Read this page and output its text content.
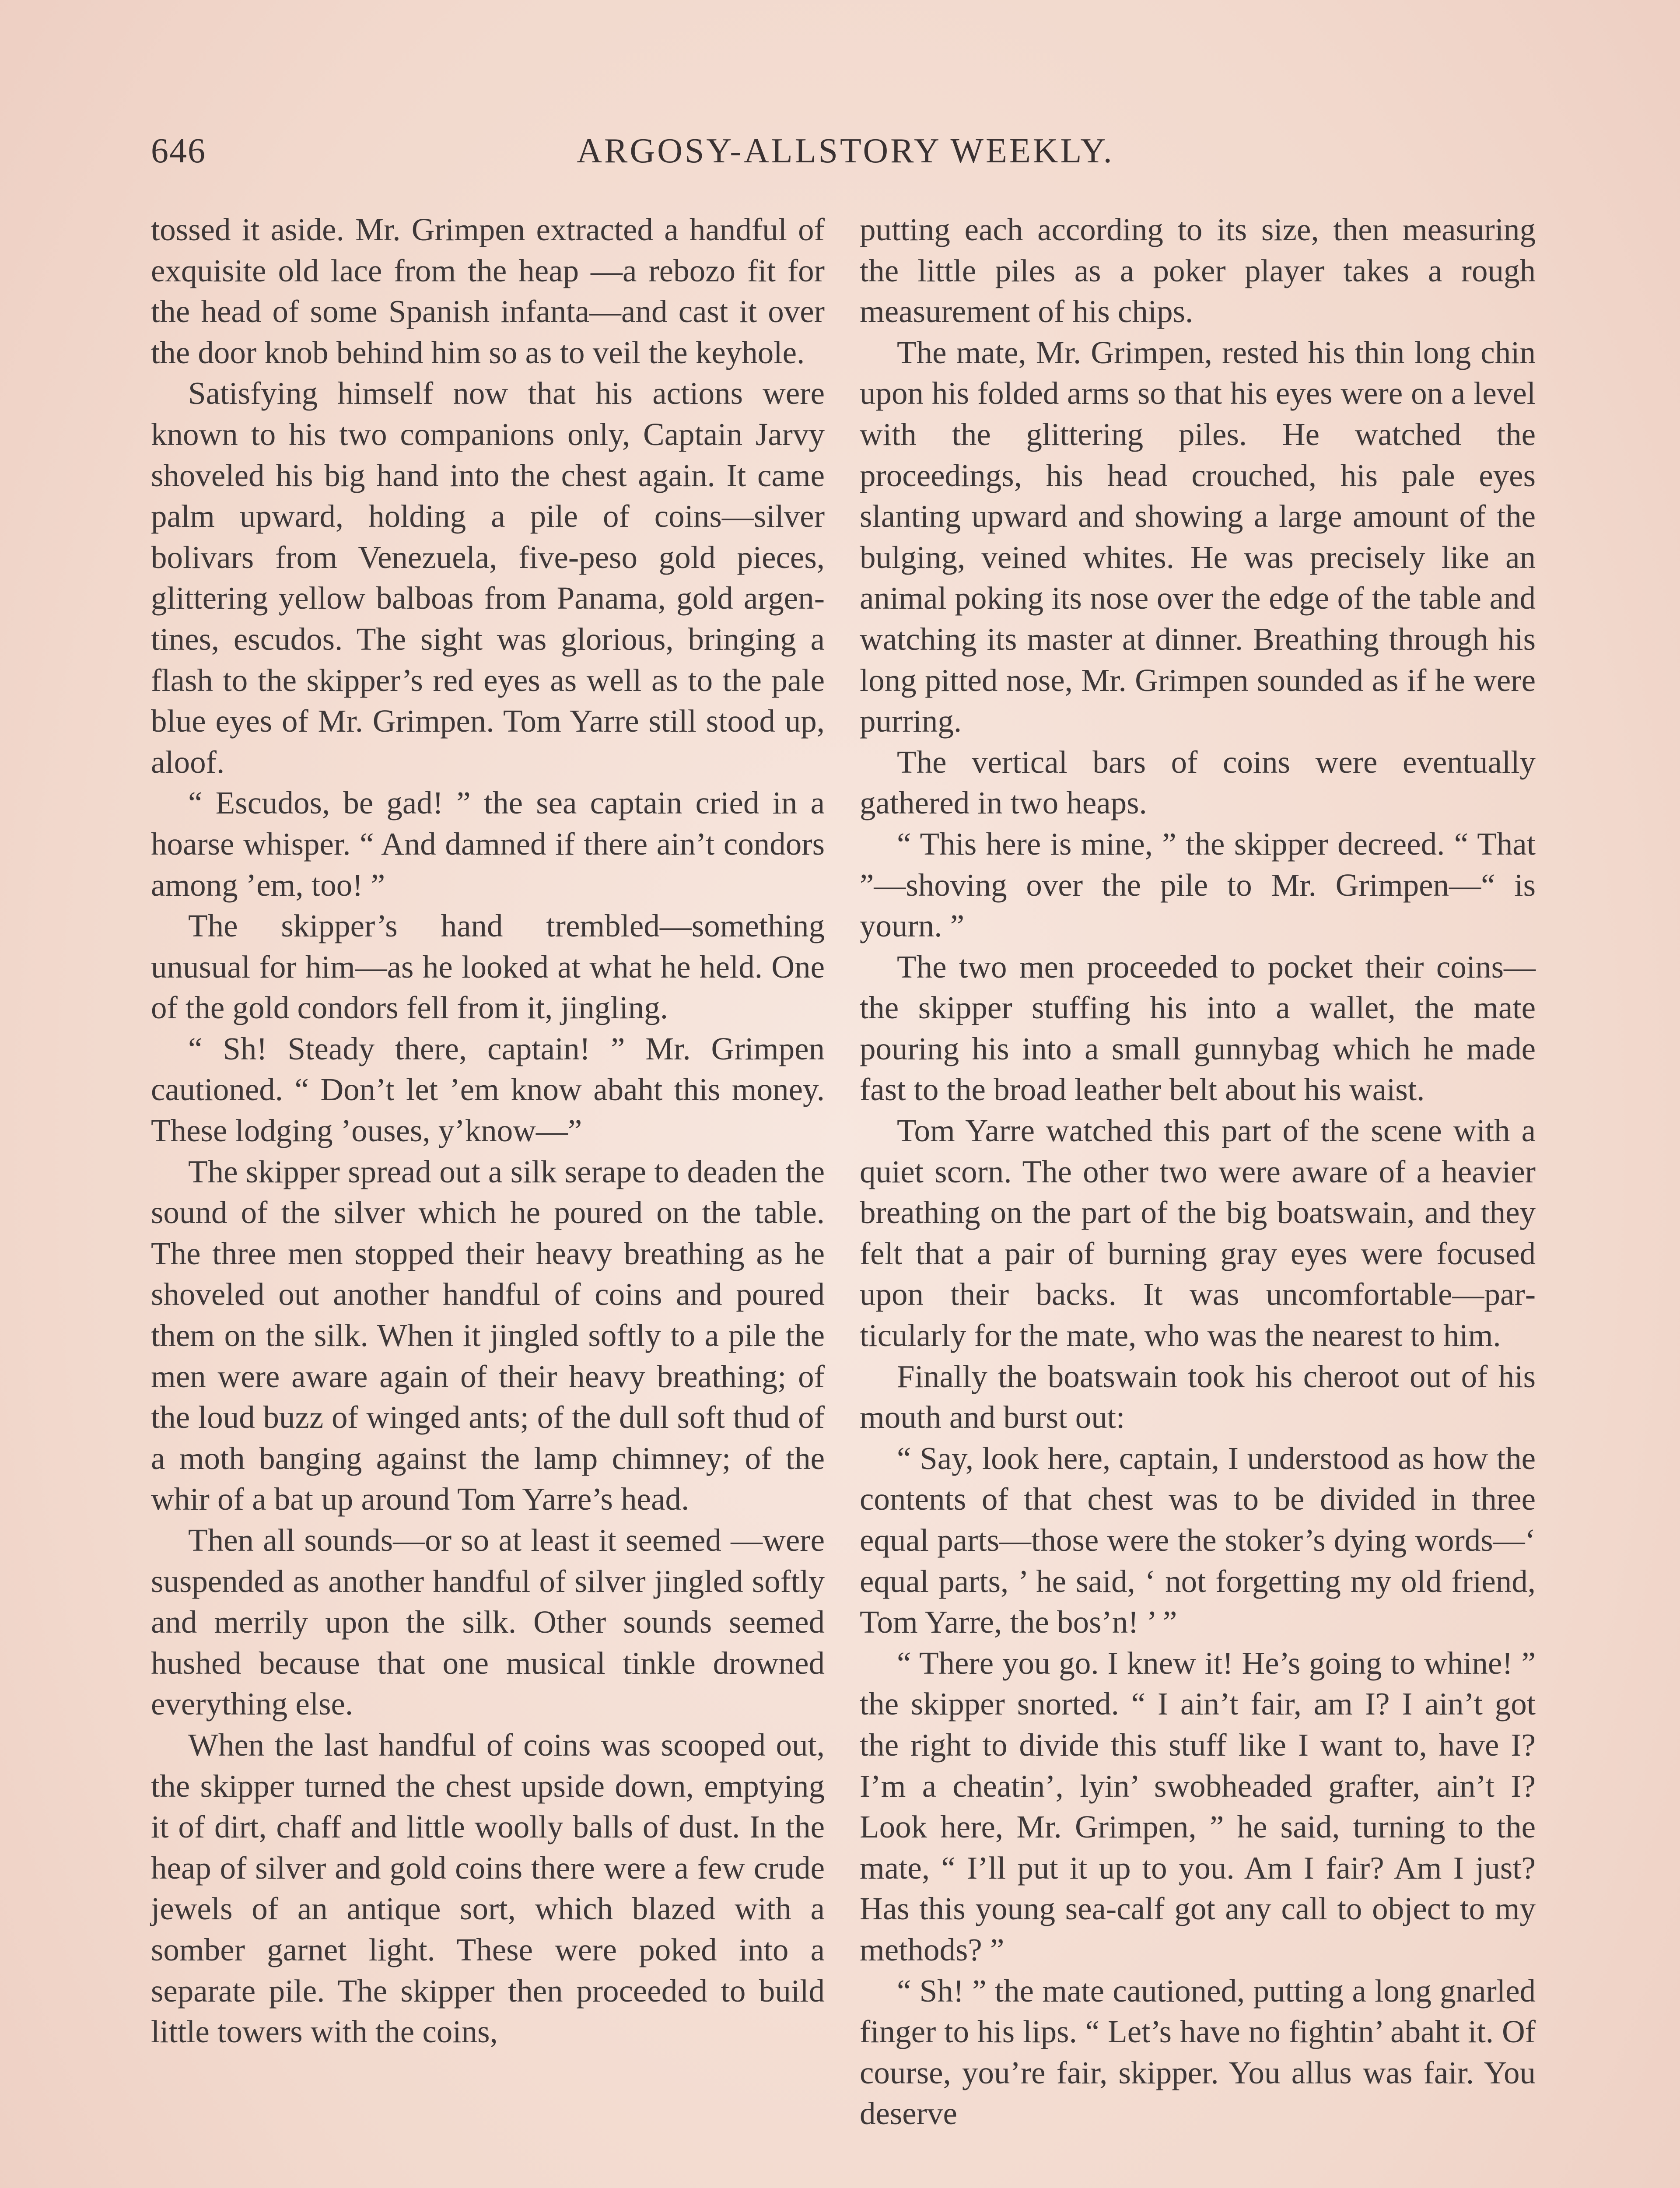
646	ARGOSY-ALLSTORY WEEKLY.

tossed it aside. Mr. Grimpen extracted a handful of exquisite old lace from the heap —a rebozo fit for the head of some Spanish infanta—and cast it over the door knob behind him so as to veil the keyhole.

Satisfying himself now that his actions were known to his two companions only, Captain Jarvy shoveled his big hand into the chest again. It came palm upward, holding a pile of coins—silver bolivars from Venezuela, five-peso gold pieces, glittering yellow balboas from Panama, gold argentines, escudos. The sight was glorious, bringing a flash to the skipper’s red eyes as well as to the pale blue eyes of Mr. Grimpen. Tom Yarre still stood up, aloof.

“ Escudos, be gad! ” the sea captain cried in a hoarse whisper. “ And damned if there ain’t condors among ’em, too! ”

The skipper’s hand trembled—something unusual for him—as he looked at what he held. One of the gold condors fell from it, jingling.

“ Sh! Steady there, captain! ” Mr. Grimpen cautioned. “ Don’t let ’em know abaht this money. These lodging ’ouses, y’know—”

The skipper spread out a silk serape to deaden the sound of the silver which he poured on the table. The three men stopped their heavy breathing as he shoveled out another handful of coins and poured them on the silk. When it jingled softly to a pile the men were aware again of their heavy breathing; of the loud buzz of winged ants; of the dull soft thud of a moth banging against the lamp chimney; of the whir of a bat up around Tom Yarre’s head.

Then all sounds—or so at least it seemed —were suspended as another handful of silver jingled softly and merrily upon the silk. Other sounds seemed hushed because that one musical tinkle drowned everything else.

When the last handful of coins was scooped out, the skipper turned the chest upside down, emptying it of dirt, chaff and little woolly balls of dust. In the heap of silver and gold coins there were a few crude jewels of an antique sort, which blazed with a somber garnet light. These were poked into a separate pile. The skipper then proceeded to build little towers with the coins,

putting each according to its size, then measuring the little piles as a poker player takes a rough measurement of his chips.

The mate, Mr. Grimpen, rested his thin long chin upon his folded arms so that his eyes were on a level with the glittering piles. He watched the proceedings, his head crouched, his pale eyes slanting upward and showing a large amount of the bulging, veined whites. He was precisely like an animal poking its nose over the edge of the table and watching its master at dinner. Breathing through his long pitted nose, Mr. Grimpen sounded as if he were purring.

The vertical bars of coins were eventually gathered in two heaps.

“ This here is mine, ” the skipper decreed. “ That ”—shoving over the pile to Mr. Grimpen—“ is yourn. ”

The two men proceeded to pocket their coins—the skipper stuffing his into a wallet, the mate pouring his into a small gunnybag which he made fast to the broad leather belt about his waist.

Tom Yarre watched this part of the scene with a quiet scorn. The other two were aware of a heavier breathing on the part of the big boatswain, and they felt that a pair of burning gray eyes were focused upon their backs. It was uncomfortable—particularly for the mate, who was the nearest to him.

Finally the boatswain took his cheroot out of his mouth and burst out:

“ Say, look here, captain, I understood as how the contents of that chest was to be divided in three equal parts—those were the stoker’s dying words—‘ equal parts, ’ he said, ‘ not forgetting my old friend, Tom Yarre, the bos’n! ’ ”

“ There you go. I knew it! He’s going to whine! ” the skipper snorted. “ I ain’t fair, am I? I ain’t got the right to divide this stuff like I want to, have I? I’m a cheatin’, lyin’ swobheaded grafter, ain’t I? Look here, Mr. Grimpen, ” he said, turning to the mate, “ I’ll put it up to you. Am I fair? Am I just? Has this young sea-calf got any call to object to my methods? ”

“ Sh! ” the mate cautioned, putting a long gnarled finger to his lips. “ Let’s have no fightin’ abaht it. Of course, you’re fair, skipper. You allus was fair. You deserve
